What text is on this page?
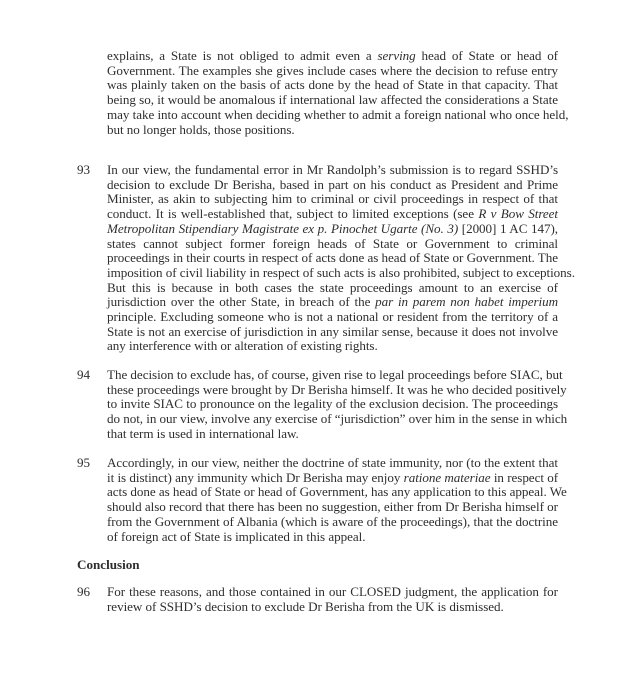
explains, a State is not obliged to admit even a serving head of State or head of
Government. The examples she gives include cases where the decision to refuse entry
was plainly taken on the basis of acts done by the head of State in that capacity. That
being so, it would be anomalous if international law affected the considerations a State
may take into account when deciding whether to admit a foreign national who once held,
but no longer holds, those positions.
93 In our view, the fundamental error in Mr Randolph’s submission is to regard SSHD’s
decision to exclude Dr Berisha, based in part on his conduct as President and Prime
Minister, as akin to subjecting him to criminal or civil proceedings in respect of that
conduct. It is well-established that, subject to limited exceptions (see R v Bow Street
Metropolitan Stipendiary Magistrate ex p. Pinochet Ugarte (No. 3) [2000] 1 AC 147),
states cannot subject former foreign heads of State or Government to criminal
proceedings in their courts in respect of acts done as head of State or Government. The
imposition of civil liability in respect of such acts is also prohibited, subject to exceptions.
But this is because in both cases the state proceedings amount to an exercise of
jurisdiction over the other State, in breach of the par in parem non habet imperium
principle. Excluding someone who is not a national or resident from the territory of a
State is not an exercise of jurisdiction in any similar sense, because it does not involve
any interference with or alteration of existing rights.
94 The decision to exclude has, of course, given rise to legal proceedings before SIAC, but
these proceedings were brought by Dr Berisha himself. It was he who decided positively
to invite SIAC to pronounce on the legality of the exclusion decision. The proceedings
do not, in our view, involve any exercise of “jurisdiction” over him in the sense in which
that term is used in international law.
95 Accordingly, in our view, neither the doctrine of state immunity, nor (to the extent that
it is distinct) any immunity which Dr Berisha may enjoy ratione materiae in respect of
acts done as head of State or head of Government, has any application to this appeal. We
should also record that there has been no suggestion, either from Dr Berisha himself or
from the Government of Albania (which is aware of the proceedings), that the doctrine
of foreign act of State is implicated in this appeal.
Conclusion
96 For these reasons, and those contained in our CLOSED judgment, the application for
review of SSHD’s decision to exclude Dr Berisha from the UK is dismissed.
